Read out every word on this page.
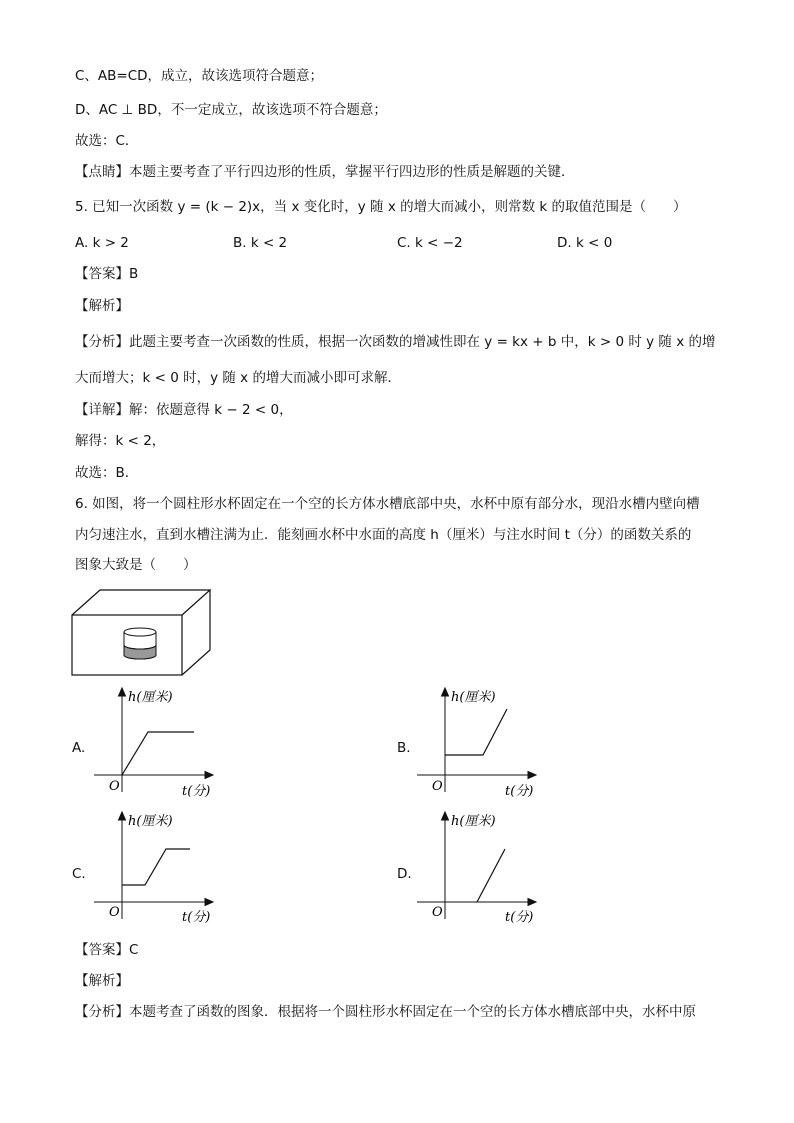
C、AB=CD，成立，故该选项符合题意；
D、AC ⊥ BD，不一定成立，故该选项不符合题意；
故选：C．
【点睛】本题主要考查了平行四边形的性质，掌握平行四边形的性质是解题的关键．
5. 已知一次函数 y = (k − 2)x，当 x 变化时，y 随 x 的增大而减小，则常数 k 的取值范围是（　　）
A. k > 2	B. k < 2	C. k < −2	D. k < 0
【答案】B
【解析】
【分析】此题主要考查一次函数的性质，根据一次函数的增减性即在 y = kx + b 中，k > 0 时 y 随 x 的增
大而增大；k < 0 时，y 随 x 的增大而减小即可求解．
【详解】解：依题意得 k − 2 < 0，
解得：k < 2，
故选：B．
6. 如图，将一个圆柱形水杯固定在一个空的长方体水槽底部中央，水杯中原有部分水，现沿水槽内壁向槽
内匀速注水，直到水槽注满为止．能刻画水杯中水面的高度 h（厘米）与注水时间 t（分）的函数关系的
图象大致是（　　）
A.
h(厘米)
O	t(分)
B.
h(厘米)
O	t(分)
C.
h(厘米)
O	t(分)
D.
h(厘米)
O	t(分)
【答案】C
【解析】
【分析】本题考查了函数的图象．根据将一个圆柱形水杯固定在一个空的长方体水槽底部中央，水杯中原
